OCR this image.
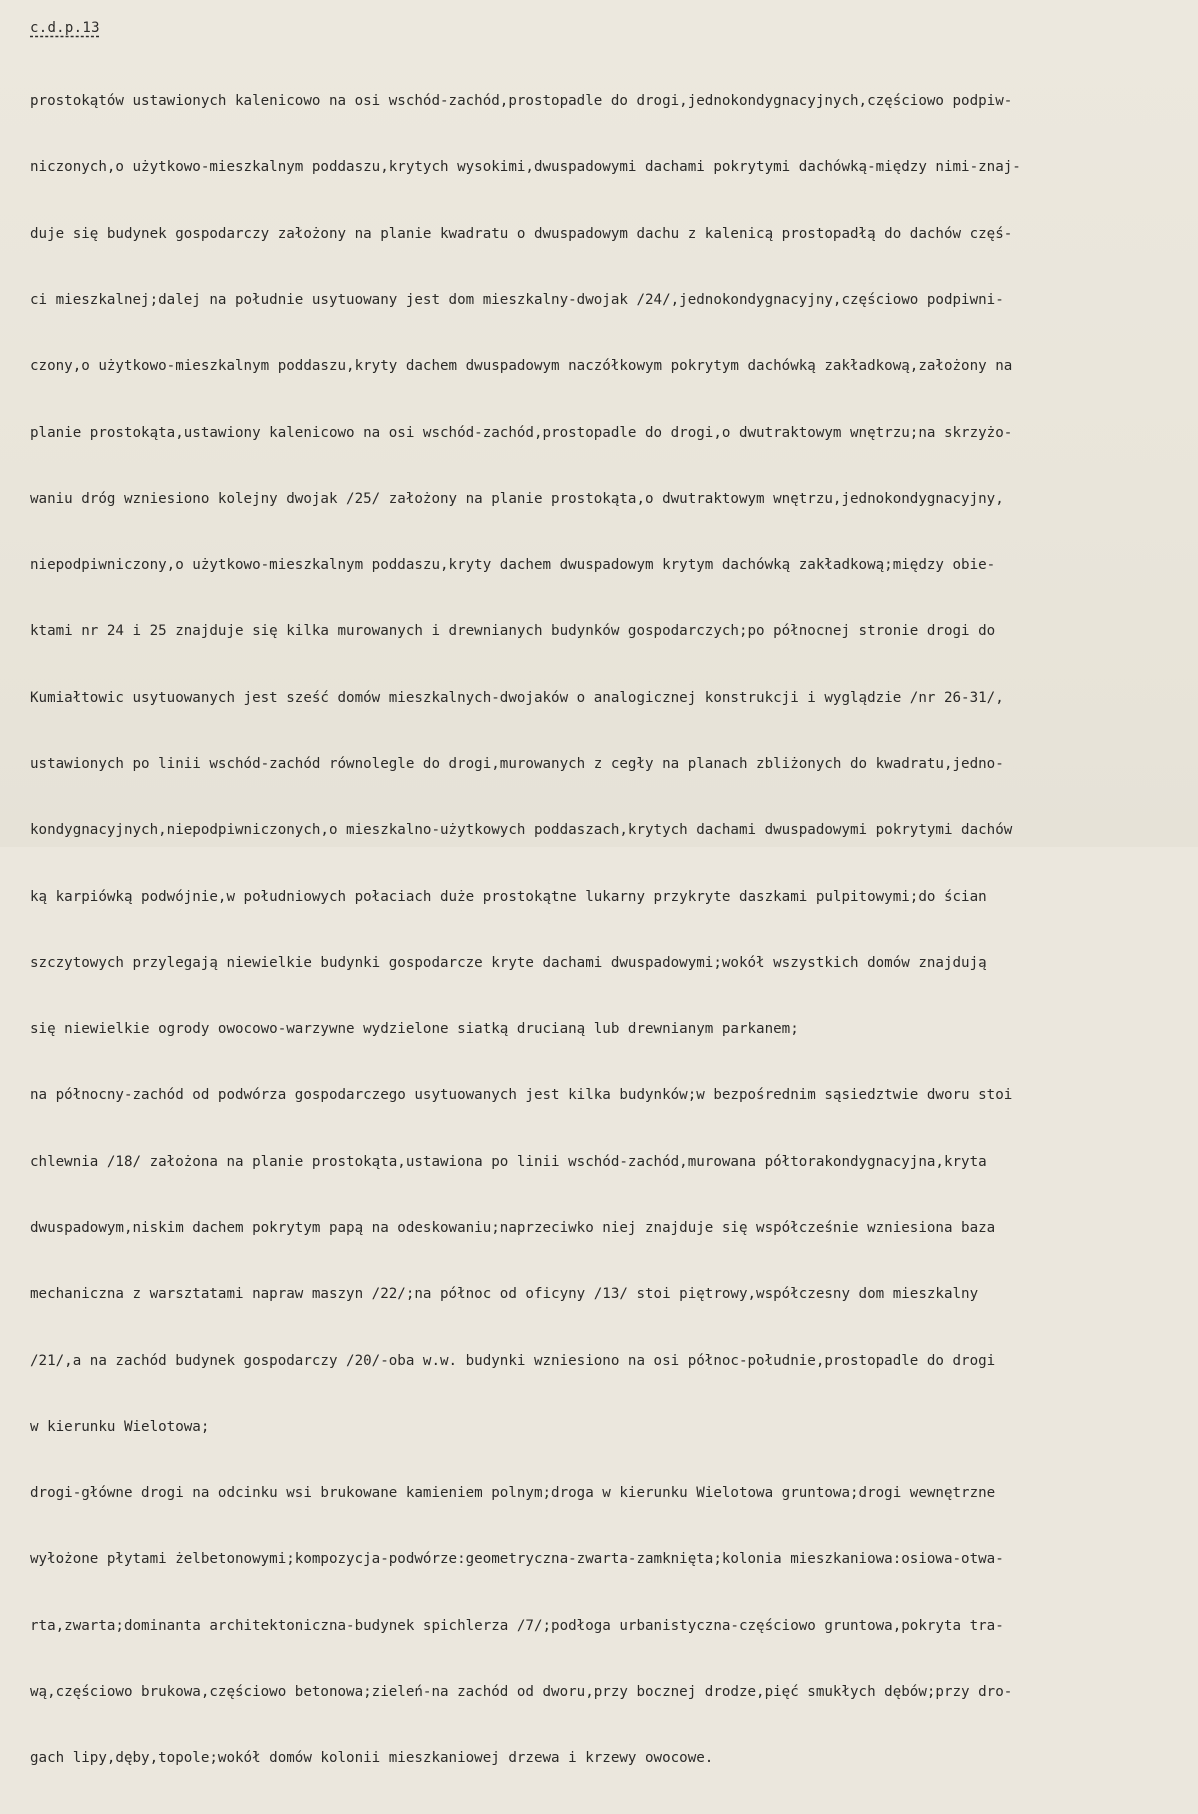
c.d.p.13

prostokątów ustawionych kalenicowo na osi wschód-zachód,prostopadle do drogi,jednokondygnacyjnych,częściowo podpiw-

niczonych,o użytkowo-mieszkalnym poddaszu,krytych wysokimi,dwuspadowymi dachami pokrytymi dachówką-między nimi-znaj-

duje się budynek gospodarczy założony na planie kwadratu o dwuspadowym dachu z kalenicą prostopadłą do dachów częś-

ci mieszkalnej;dalej na południe usytuowany jest dom mieszkalny-dwojak /24/,jednokondygnacyjny,częściowo podpiwni-

czony,o użytkowo-mieszkalnym poddaszu,kryty dachem dwuspadowym naczółkowym pokrytym dachówką zakładkową,założony na

planie prostokąta,ustawiony kalenicowo na osi wschód-zachód,prostopadle do drogi,o dwutraktowym wnętrzu;na skrzyżo-

waniu dróg wzniesiono kolejny dwojak /25/ założony na planie prostokąta,o dwutraktowym wnętrzu,jednokondygnacyjny,

niepodpiwniczony,o użytkowo-mieszkalnym poddaszu,kryty dachem dwuspadowym krytym dachówką zakładkową;między obie-

ktami nr 24 i 25 znajduje się kilka murowanych i drewnianych budynków gospodarczych;po północnej stronie drogi do

Kumiałtowic usytuowanych jest sześć domów mieszkalnych-dwojaków o analogicznej konstrukcji i wyglądzie /nr 26-31/,

ustawionych po linii wschód-zachód równolegle do drogi,murowanych z cegły na planach zbliżonych do kwadratu,jedno-

kondygnacyjnych,niepodpiwniczonych,o mieszkalno-użytkowych poddaszach,krytych dachami dwuspadowymi pokrytymi dachów

ką karpiówką podwójnie,w południowych połaciach duże prostokątne lukarny przykryte daszkami pulpitowymi;do ścian

szczytowych przylegają niewielkie budynki gospodarcze kryte dachami dwuspadowymi;wokół wszystkich domów znajdują

się niewielkie ogrody owocowo-warzywne wydzielone siatką drucianą lub drewnianym parkanem;

na północny-zachód od podwórza gospodarczego usytuowanych jest kilka budynków;w bezpośrednim sąsiedztwie dworu stoi

chlewnia /18/ założona na planie prostokąta,ustawiona po linii wschód-zachód,murowana półtorakondygnacyjna,kryta

dwuspadowym,niskim dachem pokrytym papą na odeskowaniu;naprzeciwko niej znajduje się współcześnie wzniesiona baza

mechaniczna z warsztatami napraw maszyn /22/;na północ od oficyny /13/ stoi piętrowy,współczesny dom mieszkalny

/21/,a na zachód budynek gospodarczy /20/-oba w.w. budynki wzniesiono na osi północ-południe,prostopadle do drogi

w kierunku Wielotowa;

drogi-główne drogi na odcinku wsi brukowane kamieniem polnym;droga w kierunku Wielotowa gruntowa;drogi wewnętrzne

wyłożone płytami żelbetonowymi;kompozycja-podwórze:geometryczna-zwarta-zamknięta;kolonia mieszkaniowa:osiowa-otwa-

rta,zwarta;dominanta architektoniczna-budynek spichlerza /7/;podłoga urbanistyczna-częściowo gruntowa,pokryta tra-

wą,częściowo brukowa,częściowo betonowa;zieleń-na zachód od dworu,przy bocznej drodze,pięć smukłych dębów;przy dro-

gach lipy,dęby,topole;wokół domów kolonii mieszkaniowej drzewa i krzewy owocowe.
